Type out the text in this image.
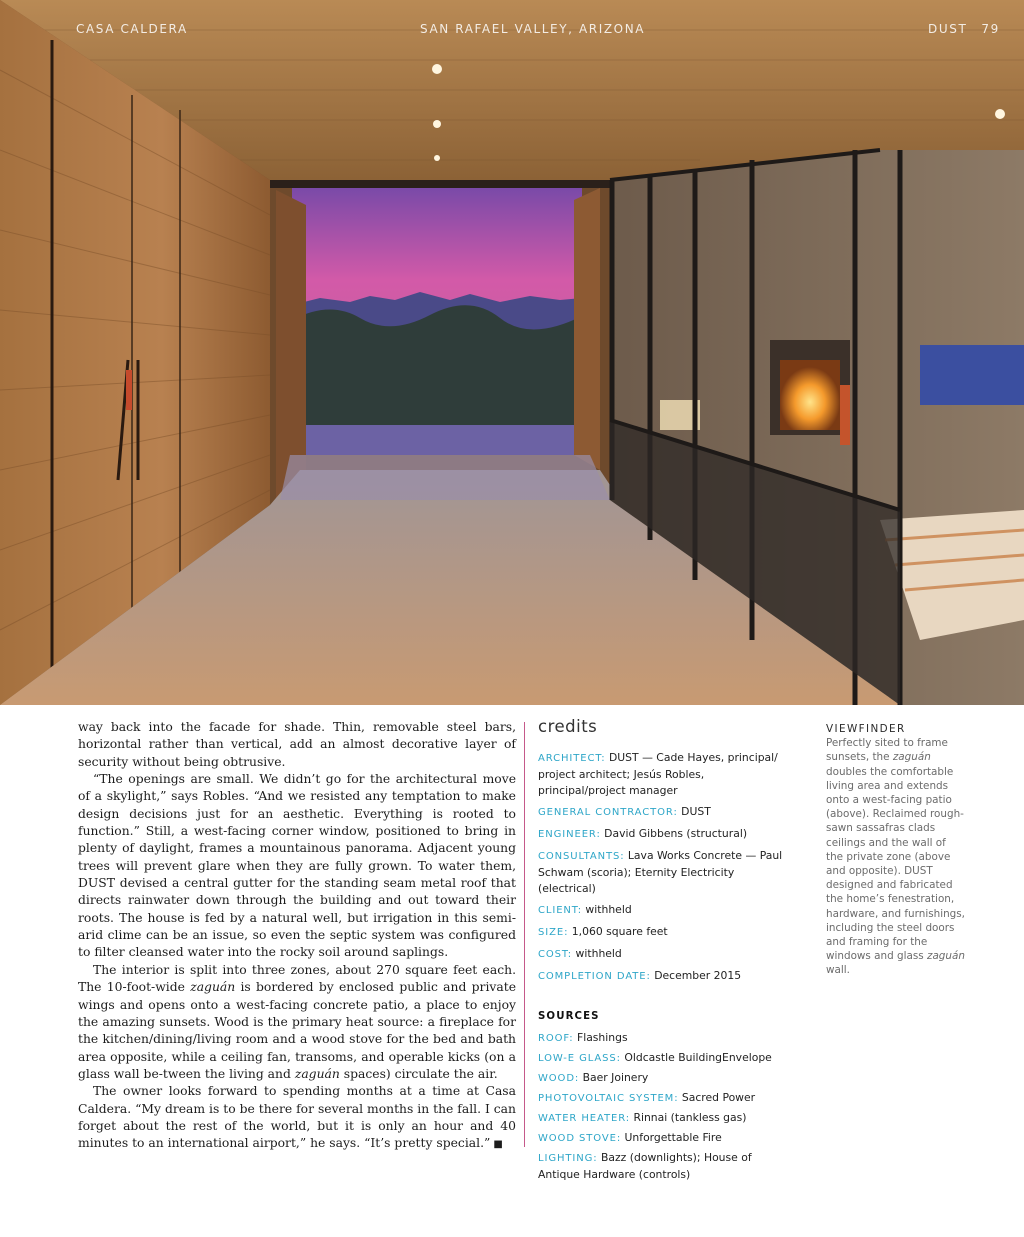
CASA CALDERA	SAN RAFAEL VALLEY, ARIZONA	DUST 79

way back into the facade for shade. Thin, removable steel bars, horizontal rather than vertical, add an almost decorative layer of security without being obtrusive.

“The openings are small. We didn’t go for the architectural move of a skylight,” says Robles. “And we resisted any temptation to make design decisions just for an aesthetic. Everything is rooted to function.” Still, a west-facing corner window, positioned to bring in plenty of daylight, frames a mountainous panorama. Adjacent young trees will prevent glare when they are fully grown. To water them, DUST devised a central gutter for the standing seam metal roof that directs rainwater down through the building and out toward their roots. The house is fed by a natural well, but irrigation in this semi-arid clime can be an issue, so even the septic system was configured to filter cleansed water into the rocky soil around saplings.

The interior is split into three zones, about 270 square feet each. The 10-foot-wide zaguán is bordered by enclosed public and private wings and opens onto a west-facing concrete patio, a place to enjoy the amazing sunsets. Wood is the primary heat source: a fireplace for the kitchen/dining/living room and a wood stove for the bed and bath area opposite, while a ceiling fan, transoms, and operable kicks (on a glass wall be-tween the living and zaguán spaces) circulate the air.

The owner looks forward to spending months at a time at Casa Caldera. “My dream is to be there for several months in the fall. I can forget about the rest of the world, but it is only an hour and 40 minutes to an international airport,” he says. “It’s pretty special.” ■

credits
ARCHITECT: DUST — Cade Hayes, principal/ project architect; Jesús Robles, principal/project manager
GENERAL CONTRACTOR: DUST
ENGINEER: David Gibbens (structural)
CONSULTANTS: Lava Works Concrete — Paul Schwam (scoria); Eternity Electricity (electrical)
CLIENT: withheld
SIZE: 1,060 square feet
COST: withheld
COMPLETION DATE: December 2015
SOURCES
ROOF: Flashings
LOW-E GLASS: Oldcastle BuildingEnvelope
WOOD: Baer Joinery
PHOTOVOLTAIC SYSTEM: Sacred Power
WATER HEATER: Rinnai (tankless gas)
WOOD STOVE: Unforgettable Fire
LIGHTING: Bazz (downlights); House of Antique Hardware (controls)
VIEWFINDER

Perfectly sited to frame sunsets, the zaguán doubles the comfortable living area and extends onto a west-facing patio (above). Reclaimed rough-sawn sassafras clads ceilings and the wall of the private zone (above and opposite). DUST designed and fabricated the home’s fenestration, hardware, and furnishings, including the steel doors and framing for the windows and glass zaguán wall.
